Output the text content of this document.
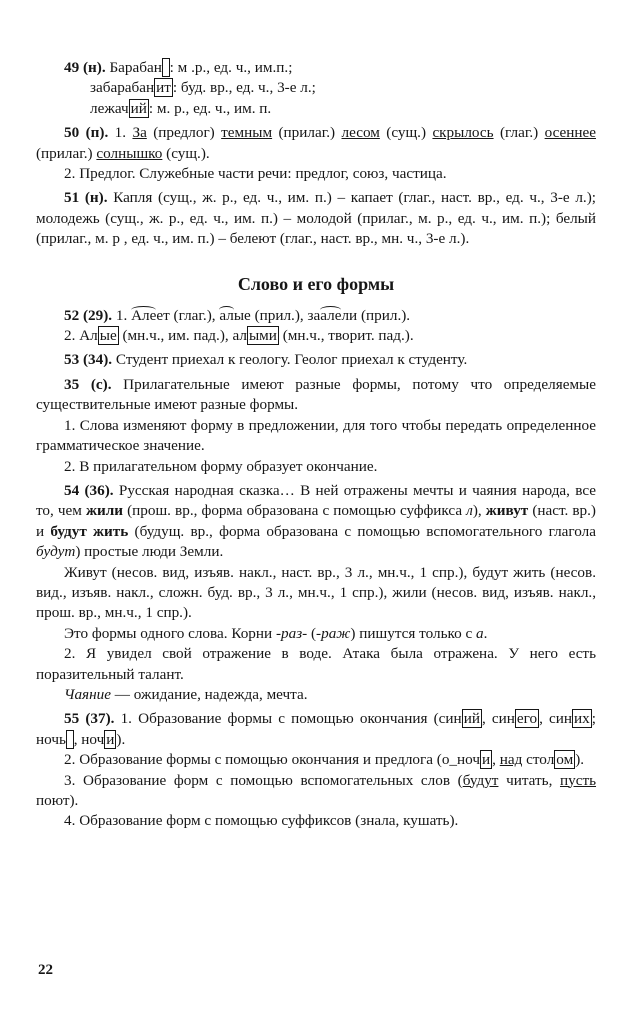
49 (н). Барабан : м .р., ед. ч., им.п.;
забарабан ит : буд. вр., ед. ч., 3-е л.;
лежач ий : м. р., ед. ч., им. п.
50 (п). 1. За (предлог) темным (прилаг.) лесом (сущ.) скрылось (глаг.) осеннее (прилаг.) солнышко (сущ.).
2. Предлог. Служебные части речи: предлог, союз, частица.
51 (н). Капля (сущ., ж. р., ед. ч., им. п.) – капает (глаг., наст. вр., ед. ч., 3-е л.); молодежь (сущ., ж. р., ед. ч., им. п.) – молодой (прилаг., м. р., ед. ч., им. п.); белый (прилаг., м. р , ед. ч., им. п.) – белеют (глаг., наст. вр., мн. ч., 3-е л.).
Слово и его формы
52 (29). 1. Алеет (глаг.), алые (прил.), заалели (прил.).
2. Ал ые (мн.ч., им. пад.), ал ыми (мн.ч., творит. пад.).
53 (34). Студент приехал к геологу. Геолог приехал к студенту.
35 (с). Прилагательные имеют разные формы, потому что определяемые существительные имеют разные формы.
1. Слова изменяют форму в предложении, для того чтобы передать определенное грамматическое значение.
2. В прилагательном форму образует окончание.
54 (36). Русская народная сказка… В ней отражены мечты и чаяния народа, все то, чем жили (прош. вр., форма образована с помощью суффикса л), живут (наст. вр.) и будут жить (будущ. вр., форма образована с помощью вспомогательного глагола будут) простые люди Земли.
Живут (несов. вид, изъяв. накл., наст. вр., 3 л., мн.ч., 1 спр.), будут жить (несов. вид., изъяв. накл., сложн. буд. вр., 3 л., мн.ч., 1 спр.), жили (несов. вид, изъяв. накл., прош. вр., мн.ч., 1 спр.).
Это формы одного слова. Корни -раз- (-раж) пишутся только с а.
2. Я увидел свой отражение в воде. Атака была отражена. У него есть поразительный талант.
Чаяние — ожидание, надежда, мечта.
55 (37). 1. Образование формы с помощью окончания (син ий , син его , син их ; ночь , ноч и ).
2. Образование формы с помощью окончания и предлога (о_ноч и , над стол ом ).
3. Образование форм с помощью вспомогательных слов (будут читать, пусть поют).
4. Образование форм с помощью суффиксов (знала, кушать).
22
